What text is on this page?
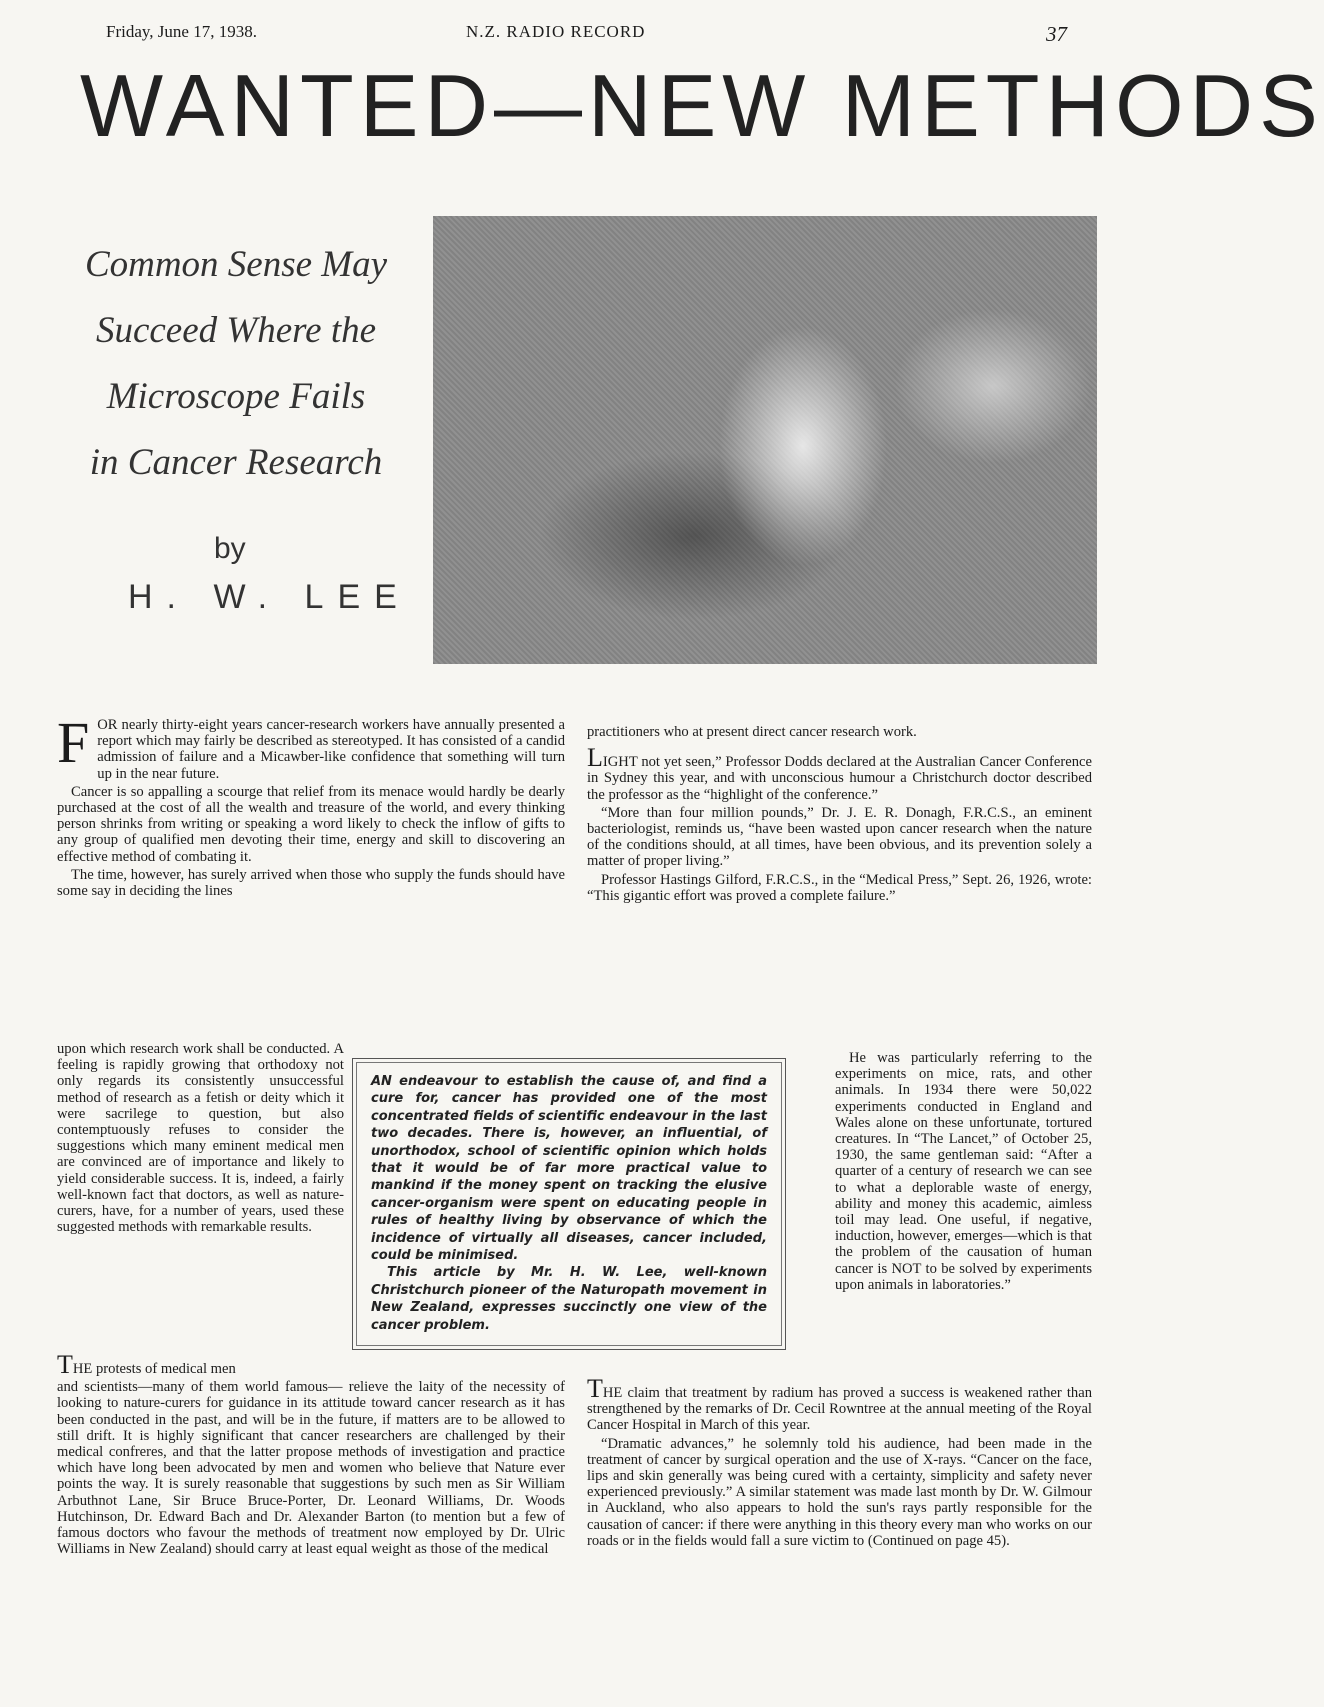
Friday, June 17, 1938.	N.Z. RADIO RECORD	37
WANTED—NEW METHODS
Common Sense May
Succeed Where the
Microscope Fails
in Cancer Research
by
H. W. LEE

FOR nearly thirty-eight years cancer-research workers have annually presented a report which may fairly be described as stereotyped. It has consisted of a candid admission of failure and a Micawber-like confidence that something will turn up in the near future.

Cancer is so appalling a scourge that relief from its menace would hardly be dearly purchased at the cost of all the wealth and treasure of the world, and every thinking person shrinks from writing or speaking a word likely to check the inflow of gifts to any group of qualified men devoting their time, energy and skill to discovering an effective method of combating it.

The time, however, has surely arrived when those who supply the funds should have some say in deciding the lines

upon which research work shall be conducted. A feeling is rapidly growing that orthodoxy not only regards its consistently unsuccessful method of research as a fetish or deity which it were sacrilege to question, but also contemptuously refuses to consider the suggestions which many eminent medical men are convinced are of importance and likely to yield considerable success. It is, indeed, a fairly well-known fact that doctors, as well as nature-curers, have, for a number of years, used these suggested methods with remarkable results.

AN endeavour to establish the cause of, and find a cure for, cancer has provided one of the most concentrated fields of scientific endeavour in the last two decades. There is, however, an influential, of unorthodox, school of scientific opinion which holds that it would be of far more practical value to mankind if the money spent on tracking the elusive cancer-organism were spent on educating people in rules of healthy living by observance of which the incidence of virtually all diseases, cancer included, could be minimised.

This article by Mr. H. W. Lee, well-known Christchurch pioneer of the Naturopath movement in New Zealand, expresses succinctly one view of the cancer problem.

THE protests of medical men

and scientists—many of them world famous— relieve the laity of the necessity of looking to nature-curers for guidance in its attitude toward cancer research as it has been conducted in the past, and will be in the future, if matters are to be allowed to still drift. It is highly significant that cancer researchers are challenged by their medical confreres, and that the latter propose methods of investigation and practice which have long been advocated by men and women who believe that Nature ever points the way. It is surely reasonable that suggestions by such men as Sir William Arbuthnot Lane, Sir Bruce Bruce-Porter, Dr. Leonard Williams, Dr. Woods Hutchinson, Dr. Edward Bach and Dr. Alexander Barton (to mention but a few of famous doctors who favour the methods of treatment now employed by Dr. Ulric Williams in New Zealand) should carry at least equal weight as those of the medical

practitioners who at present direct cancer research work.

LIGHT not yet seen,” Professor Dodds declared at the Australian Cancer Conference in Sydney this year, and with unconscious humour a Christchurch doctor described the professor as the “highlight of the conference.”

“More than four million pounds,” Dr. J. E. R. Donagh, F.R.C.S., an eminent bacteriologist, reminds us, “have been wasted upon cancer research when the nature of the conditions should, at all times, have been obvious, and its prevention solely a matter of proper living.”

Professor Hastings Gilford, F.R.C.S., in the “Medical Press,” Sept. 26, 1926, wrote: “This gigantic effort was proved a complete failure.”

He was particularly referring to the experiments on mice, rats, and other animals. In 1934 there were 50,022 experiments conducted in England and Wales alone on these unfortunate, tortured creatures. In “The Lancet,” of October 25, 1930, the same gentleman said: “After a quarter of a century of research we can see to what a deplorable waste of energy, ability and money this academic, aimless toil may lead. One useful, if negative, induction, however, emerges—which is that the problem of the causation of human cancer is NOT to be solved by experiments upon animals in laboratories.”

THE claim that treatment by radium has proved a success is weakened rather than strengthened by the remarks of Dr. Cecil Rowntree at the annual meeting of the Royal Cancer Hospital in March of this year.

“Dramatic advances,” he solemnly told his audience, had been made in the treatment of cancer by surgical operation and the use of X-rays. “Cancer on the face, lips and skin generally was being cured with a certainty, simplicity and safety never experienced previously.” A similar statement was made last month by Dr. W. Gilmour in Auckland, who also appears to hold the sun's rays partly responsible for the causation of cancer: if there were anything in this theory every man who works on our roads or in the fields would fall a sure victim to (Continued on page 45).
